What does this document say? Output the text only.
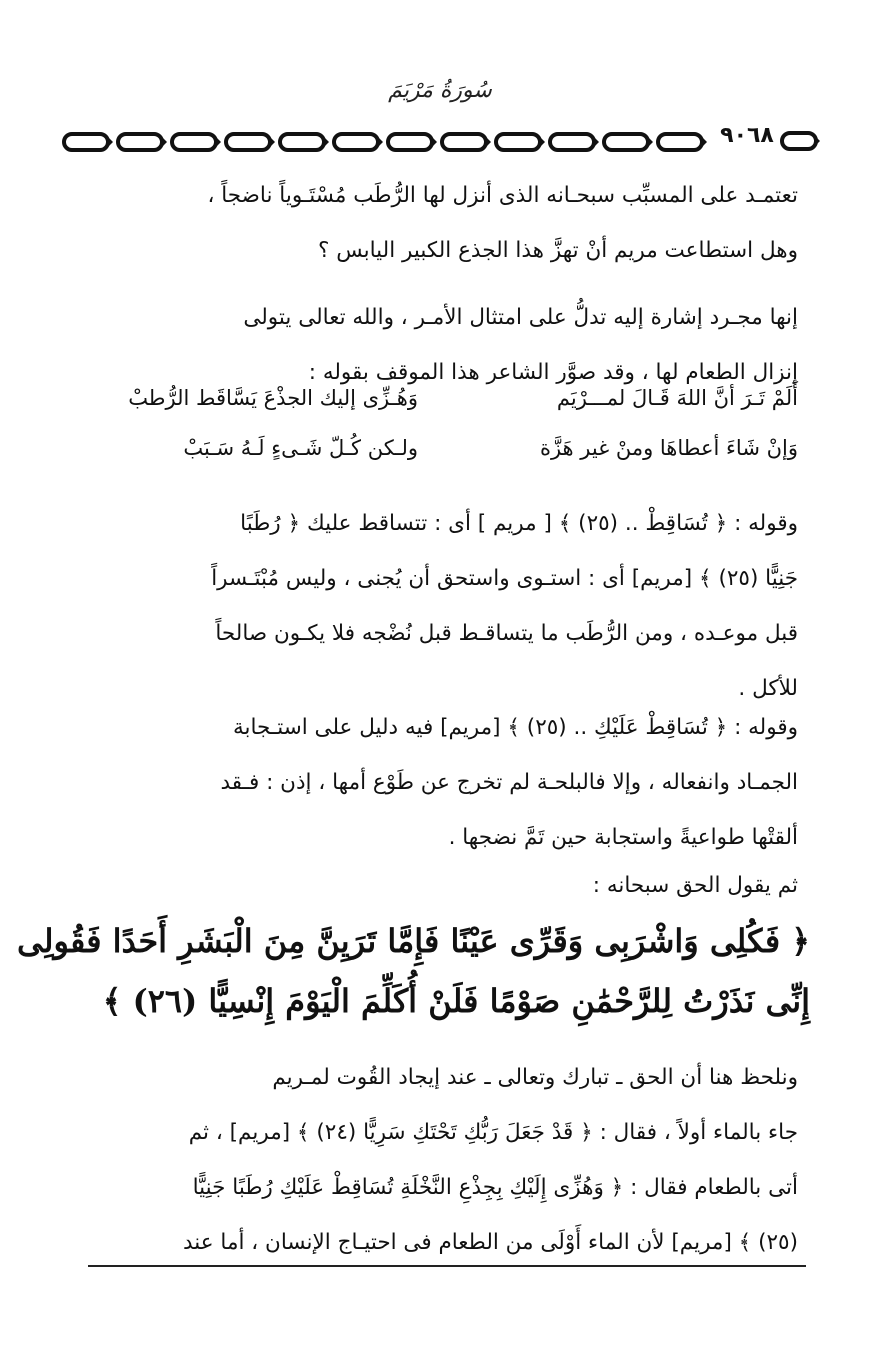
سُورَةُ مَرْيَمَ
٩٠٦٨
تعتمـد على المسبِّب سبحـانه الذى أنزل لها الرُّطَب مُسْتَـوياً ناضجاً ،
وهل استطاعت مريم أنْ تهزَّ هذا الجذع الكبير اليابس ؟
إنها مجـرد إشارة إليه تدلُّ على امتثال الأمـر ، والله تعالى يتولى
إنزال الطعام لها ، وقد صوَّر الشاعر هذا الموقف بقوله :
أَلَمْ تَـرَ أنَّ اللهَ قَـالَ لمـــرْيَم
وَهُـزِّى إليك الجذْعَ يَسَّاقَط الرُّطبْ
وَإنْ شَاءَ أعطاهَا ومنْ غير هَزَّة
ولـكن كُـلّ شَـىءٍ لَـهُ سَـبَبْ
وقوله : ﴿ تُسَاقِطْ .. (٢٥) ﴾ [ مريم ] أى : تتساقط عليك ﴿ رُطَبًا
جَنِيًّا (٢٥) ﴾ [مريم] أى : استـوى واستحق أن يُجنى ، وليس مُبْتَـسراً
قبل موعـده ، ومن الرُّطَب ما يتساقـط قبل نُضْجه فلا يكـون صالحاً
للأكل .
وقوله : ﴿ تُسَاقِطْ عَلَيْكِ .. (٢٥) ﴾ [مريم] فيه دليل على استـجابة
الجمـاد وانفعاله ، وإلا فالبلحـة لم تخرج عن طَوْع أمها ، إذن : فـقد
ألقتْها طواعيةً واستجابة حين تَمَّ نضجها .
ثم يقول الحق سبحانه :
﴿ فَكُلِى وَاشْرَبِى وَقَرِّى عَيْنًا فَإِمَّا تَرَيِنَّ مِنَ الْبَشَرِ أَحَدًا فَقُولِى
إِنِّى نَذَرْتُ لِلرَّحْمَٰنِ صَوْمًا فَلَنْ أُكَلِّمَ الْيَوْمَ إِنْسِيًّا (٢٦) ﴾
ونلحظ هنا أن الحق ـ تبارك وتعالى ـ عند إيجاد القُوت لمـريم
جاء بالماء أولاً ، فقال : ﴿ قَدْ جَعَلَ رَبُّكِ تَحْتَكِ سَرِيًّا (٢٤) ﴾ [مريم] ، ثم
أتى بالطعام فقال : ﴿ وَهُزِّى إِلَيْكِ بِجِذْعِ النَّخْلَةِ تُسَاقِطْ عَلَيْكِ رُطَبًا جَنِيًّا
(٢٥) ﴾ [مريم] لأن الماء أَوْلَى من الطعام فى احتيـاج الإنسان ، أما عند
